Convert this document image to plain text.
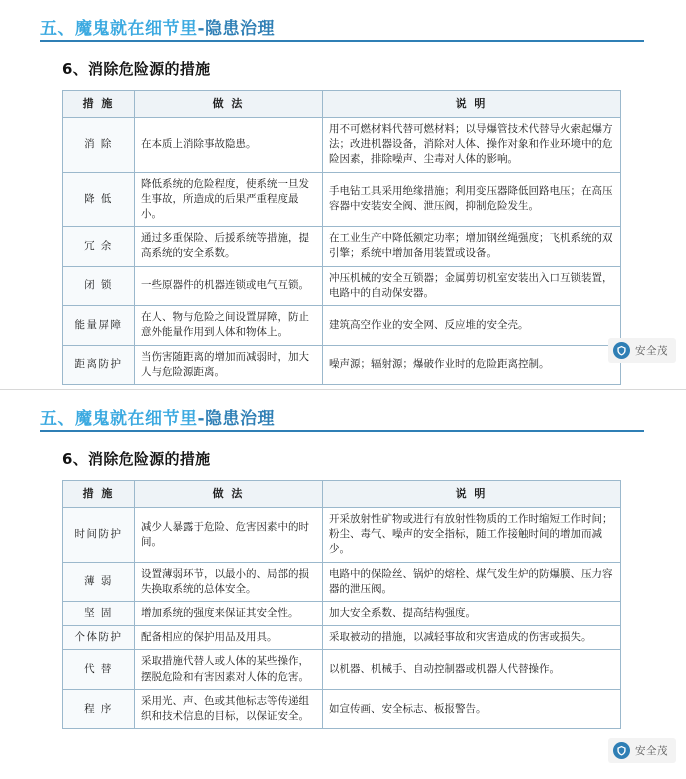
五、魔鬼就在细节里-隐患治理
6、消除危险源的措施
措 施	做 法	说 明
消 除	在本质上消除事故隐患。	用不可燃材料代替可燃材料；以导爆管技术代替导火索起爆方法；改进机器设备，消除对人体、操作对象和作业环境中的危险因素，排除噪声、尘毒对人体的影响。
降 低	降低系统的危险程度，使系统一旦发生事故，所造成的后果严重程度最小。	手电钻工具采用绝缘措施；利用变压器降低回路电压；在高压容器中安装安全阀、泄压阀，抑制危险发生。
冗 余	通过多重保险、后援系统等措施，提高系统的安全系数。	在工业生产中降低额定功率；增加钢丝绳强度；飞机系统的双引擎；系统中增加备用装置或设备。
闭 锁	一些原器件的机器连锁或电气互锁。	冲压机械的安全互锁器；金属剪切机室安装出入口互锁装置，电路中的自动保安器。
能量屏障	在人、物与危险之间设置屏障，防止意外能量作用到人体和物体上。	建筑高空作业的安全网、反应堆的安全壳。
距离防护	当伤害随距离的增加而减弱时，加大人与危险源距离。	噪声源；辐射源；爆破作业时的危险距离控制。
安全茂
五、魔鬼就在细节里-隐患治理
6、消除危险源的措施
措 施	做 法	说 明
时间防护	减少人暴露于危险、危害因素中的时间。	开采放射性矿物或进行有放射性物质的工作时缩短工作时间；粉尘、毒气、噪声的安全指标，随工作接触时间的增加而减少。
薄 弱	设置薄弱环节，以最小的、局部的损失换取系统的总体安全。	电路中的保险丝、锅炉的熔栓、煤气发生炉的防爆膜、压力容器的泄压阀。
坚 固	增加系统的强度来保证其安全性。	加大安全系数、提高结构强度。
个体防护	配备相应的保护用品及用具。	采取被动的措施，以减轻事故和灾害造成的伤害或损失。
代 替	采取措施代替人或人体的某些操作，摆脱危险和有害因素对人体的危害。	以机器、机械手、自动控制器或机器人代替操作。
程 序	采用光、声、色或其他标志等传递组织和技术信息的目标，以保证安全。	如宣传画、安全标志、板报警告。
安全茂
